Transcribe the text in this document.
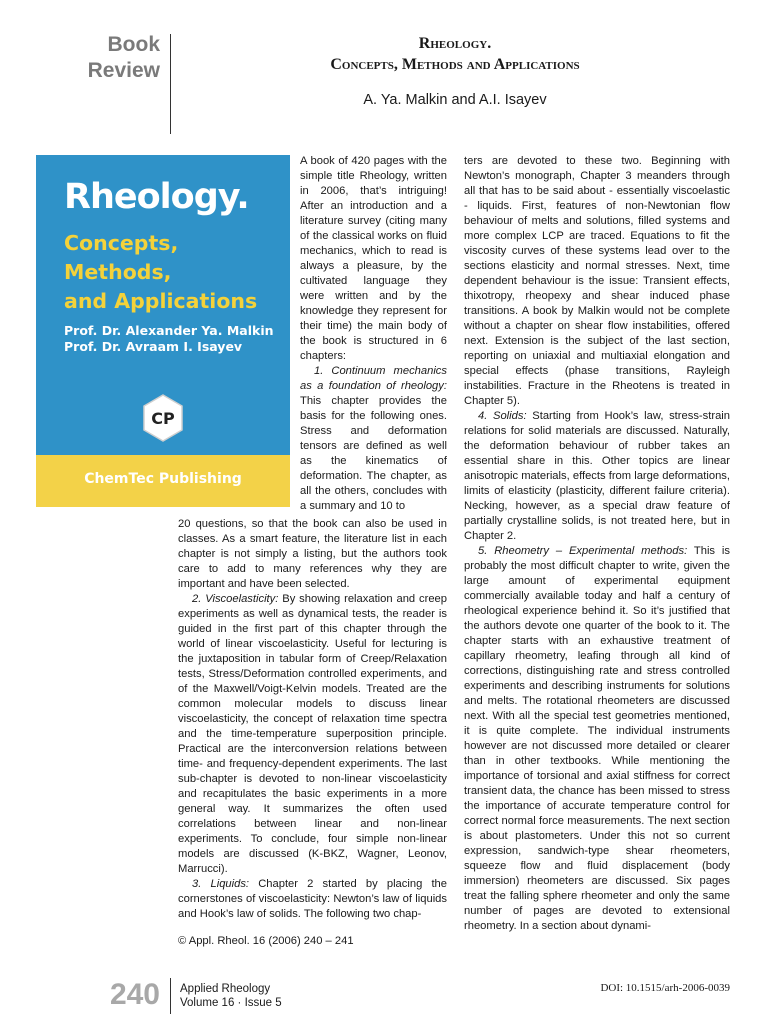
Book
Review
Rheology.
Concepts, Methods and Applications
A. Ya. Malkin and A.I. Isayev
Rheology.
Concepts, Methods,
and Applications
Prof. Dr. Alexander Ya. Malkin
Prof. Dr. Avraam I. Isayev
CP
ChemTec Publishing

A book of 420 pages with the simple title Rheology, written in 2006, that’s intriguing! After an introduction and a literature survey (citing many of the classical works on fluid mechanics, which to read is always a pleasure, by the cultivated language they were written and by the knowledge they represent for their time) the main body of the book is structured in 6 chapters:

1. Continuum mechanics as a foundation of rheology: This chapter provides the basis for the following ones. Stress and deformation tensors are defined as well as the kinematics of deformation. The chapter, as all the others, concludes with a summary and 10 to

20 questions, so that the book can also be used in classes. As a smart feature, the literature list in each chapter is not simply a listing, but the authors took care to add to many references why they are important and have been selected.

2. Viscoelasticity: By showing relaxation and creep experiments as well as dynamical tests, the reader is guided in the first part of this chapter through the world of linear viscoelasticity. Useful for lecturing is the juxtaposition in tabular form of Creep/Relaxation tests, Stress/Deformation controlled experiments, and of the Maxwell/Voigt-Kelvin models. Treated are the common molecular models to discuss linear viscoelasticity, the concept of relaxation time spectra and the time-temperature superposition principle. Practical are the interconversion relations between time- and frequency-dependent experiments. The last sub-chapter is devoted to non-linear viscoelasticity and recapitulates the basic experiments in a more general way. It summarizes the often used correlations between linear and non-linear experiments. To conclude, four simple non-linear models are discussed (K-BKZ, Wagner, Leonov, Marrucci).

3. Liquids: Chapter 2 started by placing the cornerstones of viscoelasticity: Newton’s law of liquids and Hook’s law of solids. The following two chap-

ters are devoted to these two. Beginning with Newton’s monograph, Chapter 3 meanders through all that has to be said about - essentially viscoelastic - liquids. First, features of non-Newtonian flow behaviour of melts and solutions, filled systems and more complex LCP are traced. Equations to fit the viscosity curves of these systems lead over to the sections elasticity and normal stresses. Next, time dependent behaviour is the issue: Transient effects, thixotropy, rheopexy and shear induced phase transitions. A book by Malkin would not be complete without a chapter on shear flow instabilities, offered next. Extension is the subject of the last section, reporting on uniaxial and multiaxial elongation and special effects (phase transitions, Rayleigh instabilities. Fracture in the Rheotens is treated in Chapter 5).

4. Solids: Starting from Hook’s law, stress-strain relations for solid materials are discussed. Naturally, the deformation behaviour of rubber takes an essential share in this. Other topics are linear anisotropic materials, effects from large deformations, limits of elasticity (plasticity, different failure criteria). Necking, however, as a special draw feature of partially crystalline solids, is not treated here, but in Chapter 2.

5. Rheometry – Experimental methods: This is probably the most difficult chapter to write, given the large amount of experimental equipment commercially available today and half a century of rheological experience behind it. So it’s justified that the authors devote one quarter of the book to it. The chapter starts with an exhaustive treatment of capillary rheometry, leafing through all kind of corrections, distinguishing rate and stress controlled experiments and describing instruments for solutions and melts. The rotational rheometers are discussed next. With all the special test geometries mentioned, it is quite complete. The individual instruments however are not discussed more detailed or clearer than in other textbooks. While mentioning the importance of torsional and axial stiffness for correct transient data, the chance has been missed to stress the importance of accurate temperature control for correct normal force measurements. The next section is about plastometers. Under this not so current expression, sandwich-type shear rheometers, squeeze flow and fluid displacement (body immersion) rheometers are discussed. Six pages treat the falling sphere rheometer and only the same number of pages are devoted to extensional rheometry. In a section about dynami-

© Appl. Rheol. 16 (2006) 240 – 241
240 Applied Rheology
Volume 16 · Issue 5
DOI: 10.1515/arh-2006-0039
